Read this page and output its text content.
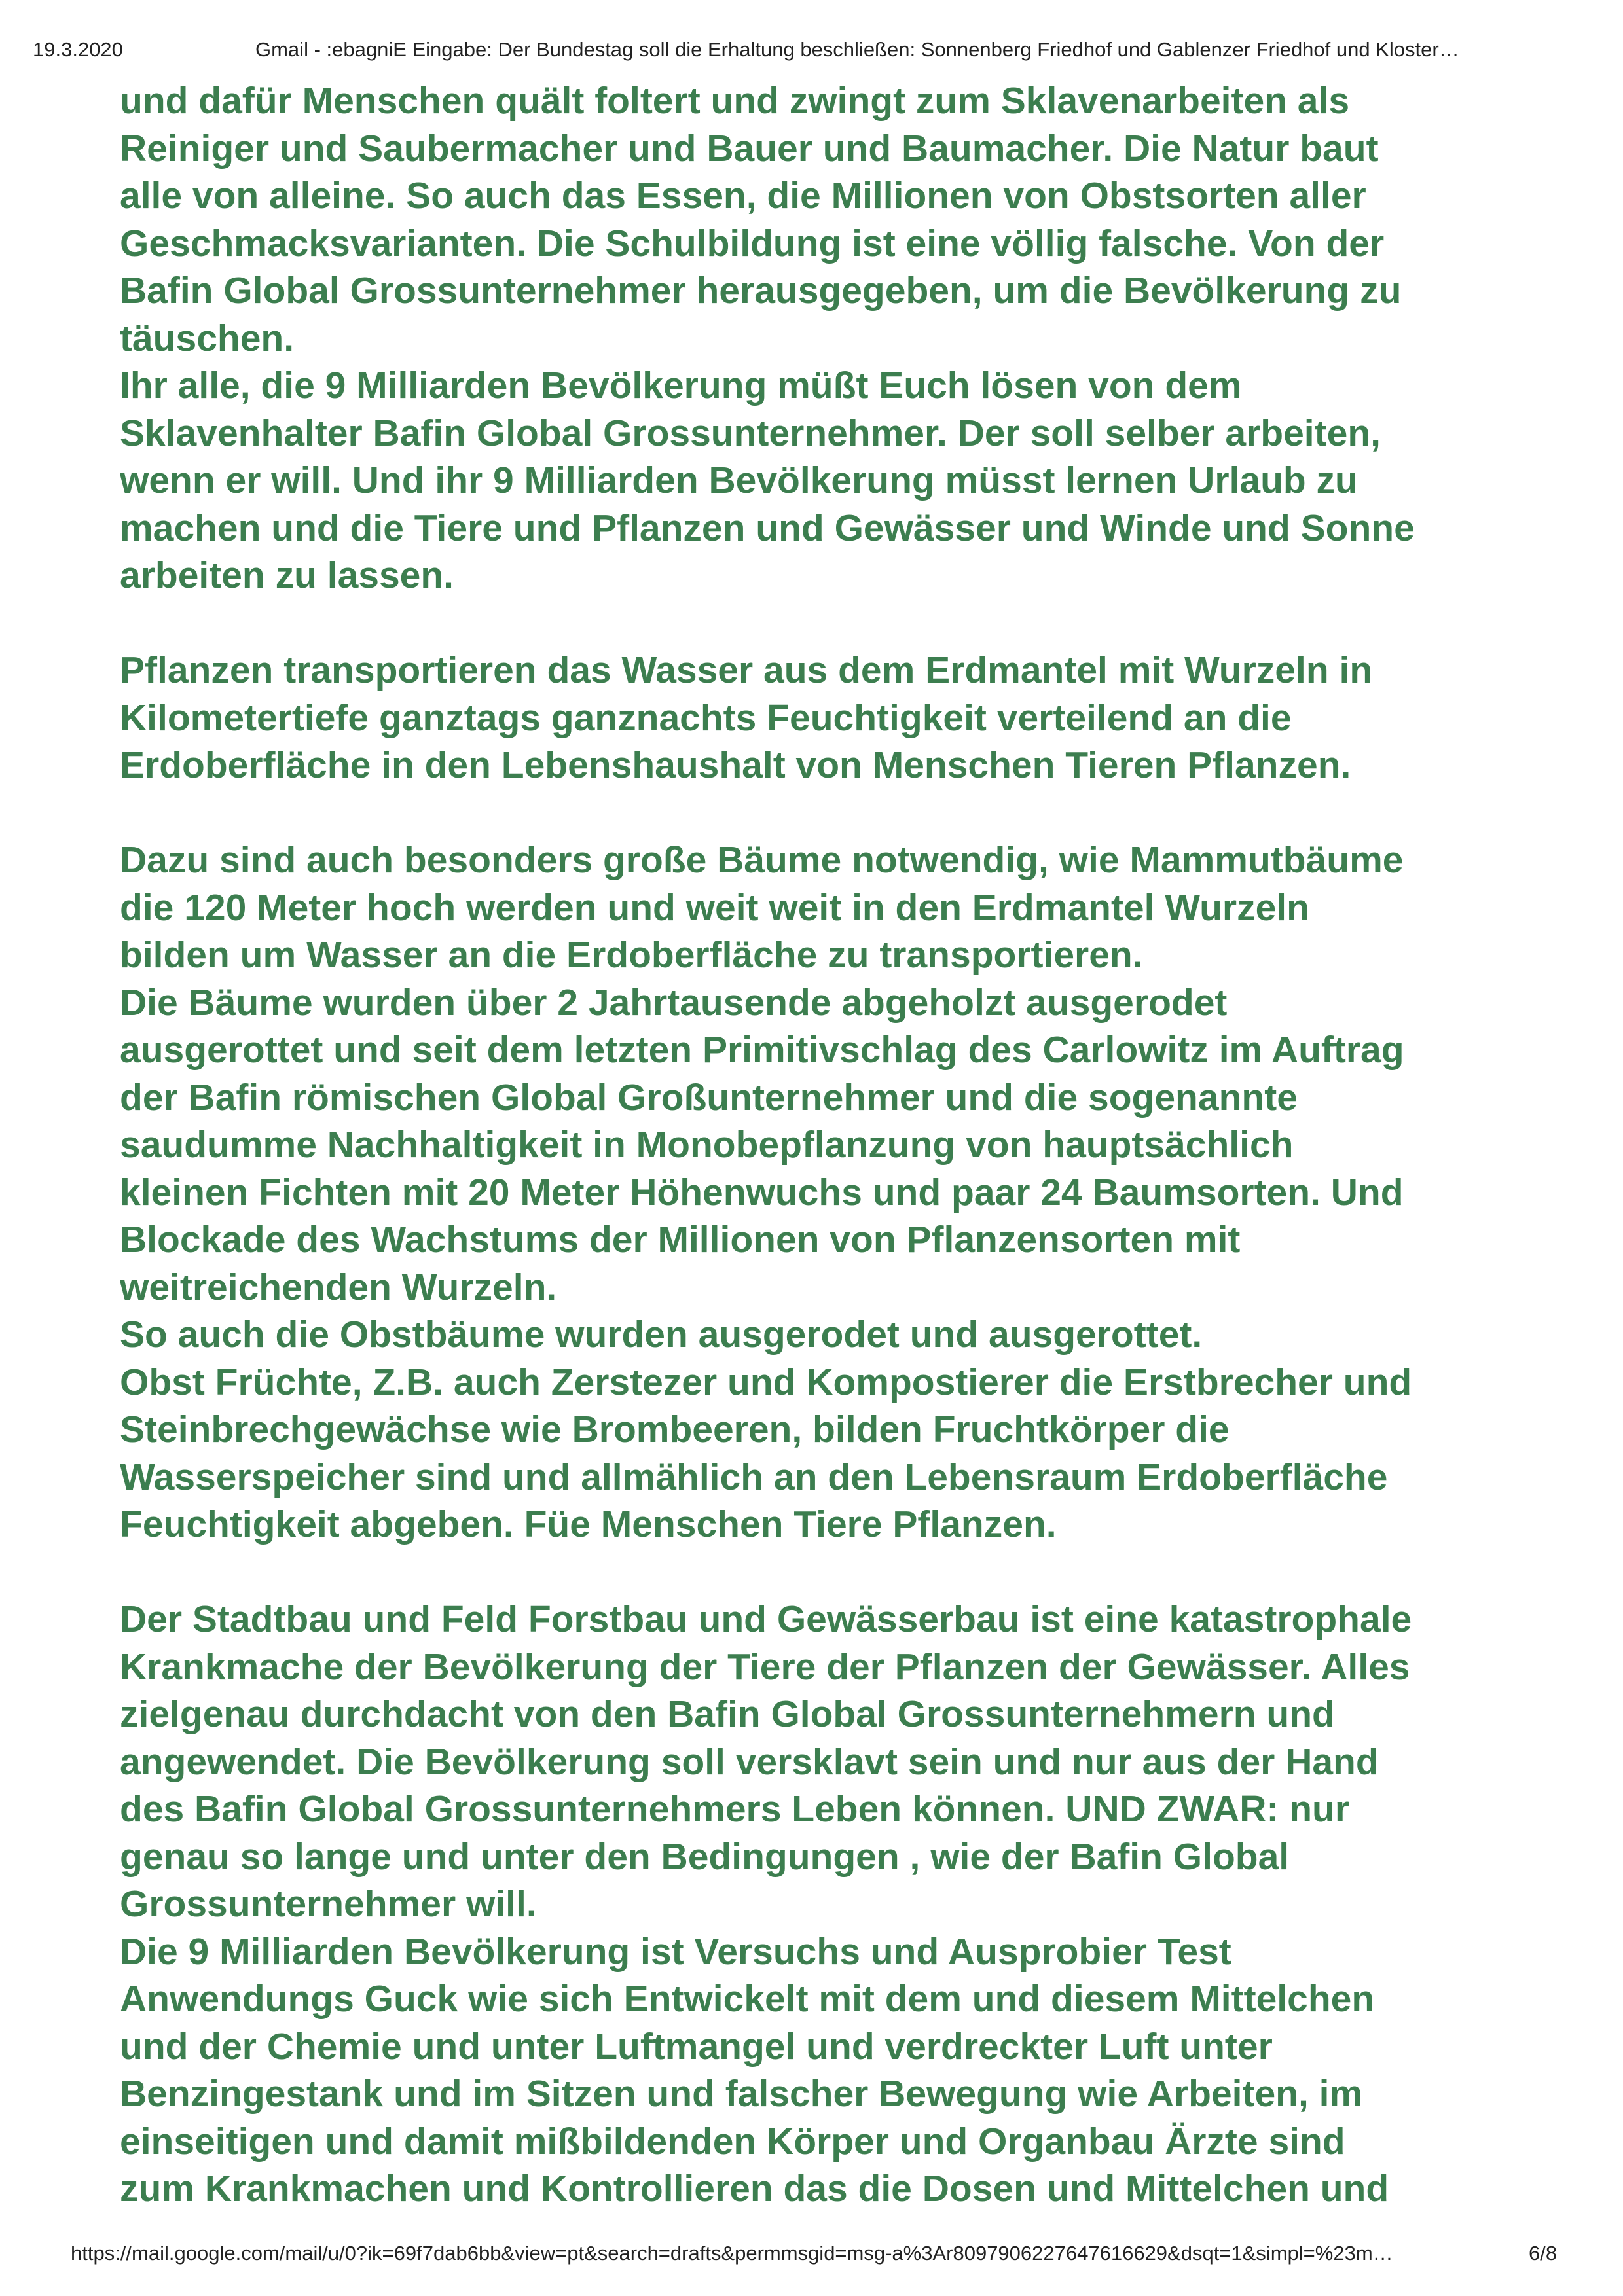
19.3.2020	Gmail - :ebagniE Eingabe: Der Bundestag soll die Erhaltung beschließen: Sonnenberg Friedhof und Gablenzer Friedhof und Kloster…
und dafür Menschen quält foltert und zwingt zum Sklavenarbeiten als
Reiniger und Saubermacher und Bauer und Baumacher. Die Natur baut
alle von alleine. So auch das Essen, die Millionen von Obstsorten aller
Geschmacksvarianten. Die Schulbildung ist eine völlig falsche. Von der
Bafin Global Grossunternehmer herausgegeben, um die Bevölkerung zu
täuschen.
Ihr alle, die 9 Milliarden Bevölkerung müßt Euch lösen von dem
Sklavenhalter Bafin Global Grossunternehmer. Der soll selber arbeiten,
wenn er will. Und ihr 9 Milliarden Bevölkerung müsst lernen Urlaub zu
machen und die Tiere und Pflanzen und Gewässer und Winde und Sonne
arbeiten zu lassen.
Pflanzen transportieren das Wasser aus dem Erdmantel mit Wurzeln in
Kilometertiefe ganztags ganznachts Feuchtigkeit verteilend an die
Erdoberfläche in den Lebenshaushalt von Menschen Tieren Pflanzen.
Dazu sind auch besonders große Bäume notwendig, wie Mammutbäume
die 120 Meter hoch werden und weit weit in den Erdmantel Wurzeln
bilden um Wasser an die Erdoberfläche zu transportieren.
Die Bäume wurden über 2 Jahrtausende abgeholzt ausgerodet
ausgerottet und seit dem letzten Primitivschlag des Carlowitz im Auftrag
der Bafin römischen Global Großunternehmer und die sogenannte
saudumme Nachhaltigkeit in Monobepflanzung von hauptsächlich
kleinen Fichten mit 20 Meter Höhenwuchs und paar 24 Baumsorten. Und
Blockade des Wachstums der Millionen von Pflanzensorten mit
weitreichenden Wurzeln.
So auch die Obstbäume wurden ausgerodet und ausgerottet.
Obst Früchte, Z.B. auch Zerstezer und Kompostierer die Erstbrecher und
Steinbrechgewächse wie Brombeeren, bilden Fruchtkörper die
Wasserspeicher sind und allmählich an den Lebensraum Erdoberfläche
Feuchtigkeit abgeben. Füe Menschen Tiere Pflanzen.
Der Stadtbau und Feld Forstbau und Gewässerbau ist eine katastrophale
Krankmache der Bevölkerung der Tiere der Pflanzen der Gewässer. Alles
zielgenau durchdacht von den Bafin Global Grossunternehmern und
angewendet. Die Bevölkerung soll versklavt sein und nur aus der Hand
des Bafin Global Grossunternehmers Leben können. UND ZWAR: nur
genau so lange und unter den Bedingungen , wie der Bafin Global
Grossunternehmer will.
Die 9 Milliarden Bevölkerung ist Versuchs und Ausprobier Test
Anwendungs Guck wie sich Entwickelt mit dem und diesem Mittelchen
und der Chemie und unter Luftmangel und verdreckter Luft unter
Benzingestank und im Sitzen und falscher Bewegung wie Arbeiten, im
einseitigen und damit mißbildenden Körper und Organbau Ärzte sind
zum Krankmachen und Kontrollieren das die Dosen und Mittelchen und
https://mail.google.com/mail/u/0?ik=69f7dab6bb&view=pt&search=drafts&permmsgid=msg-a%3Ar8097906227647616629&dsqt=1&simpl=%23m…	6/8
